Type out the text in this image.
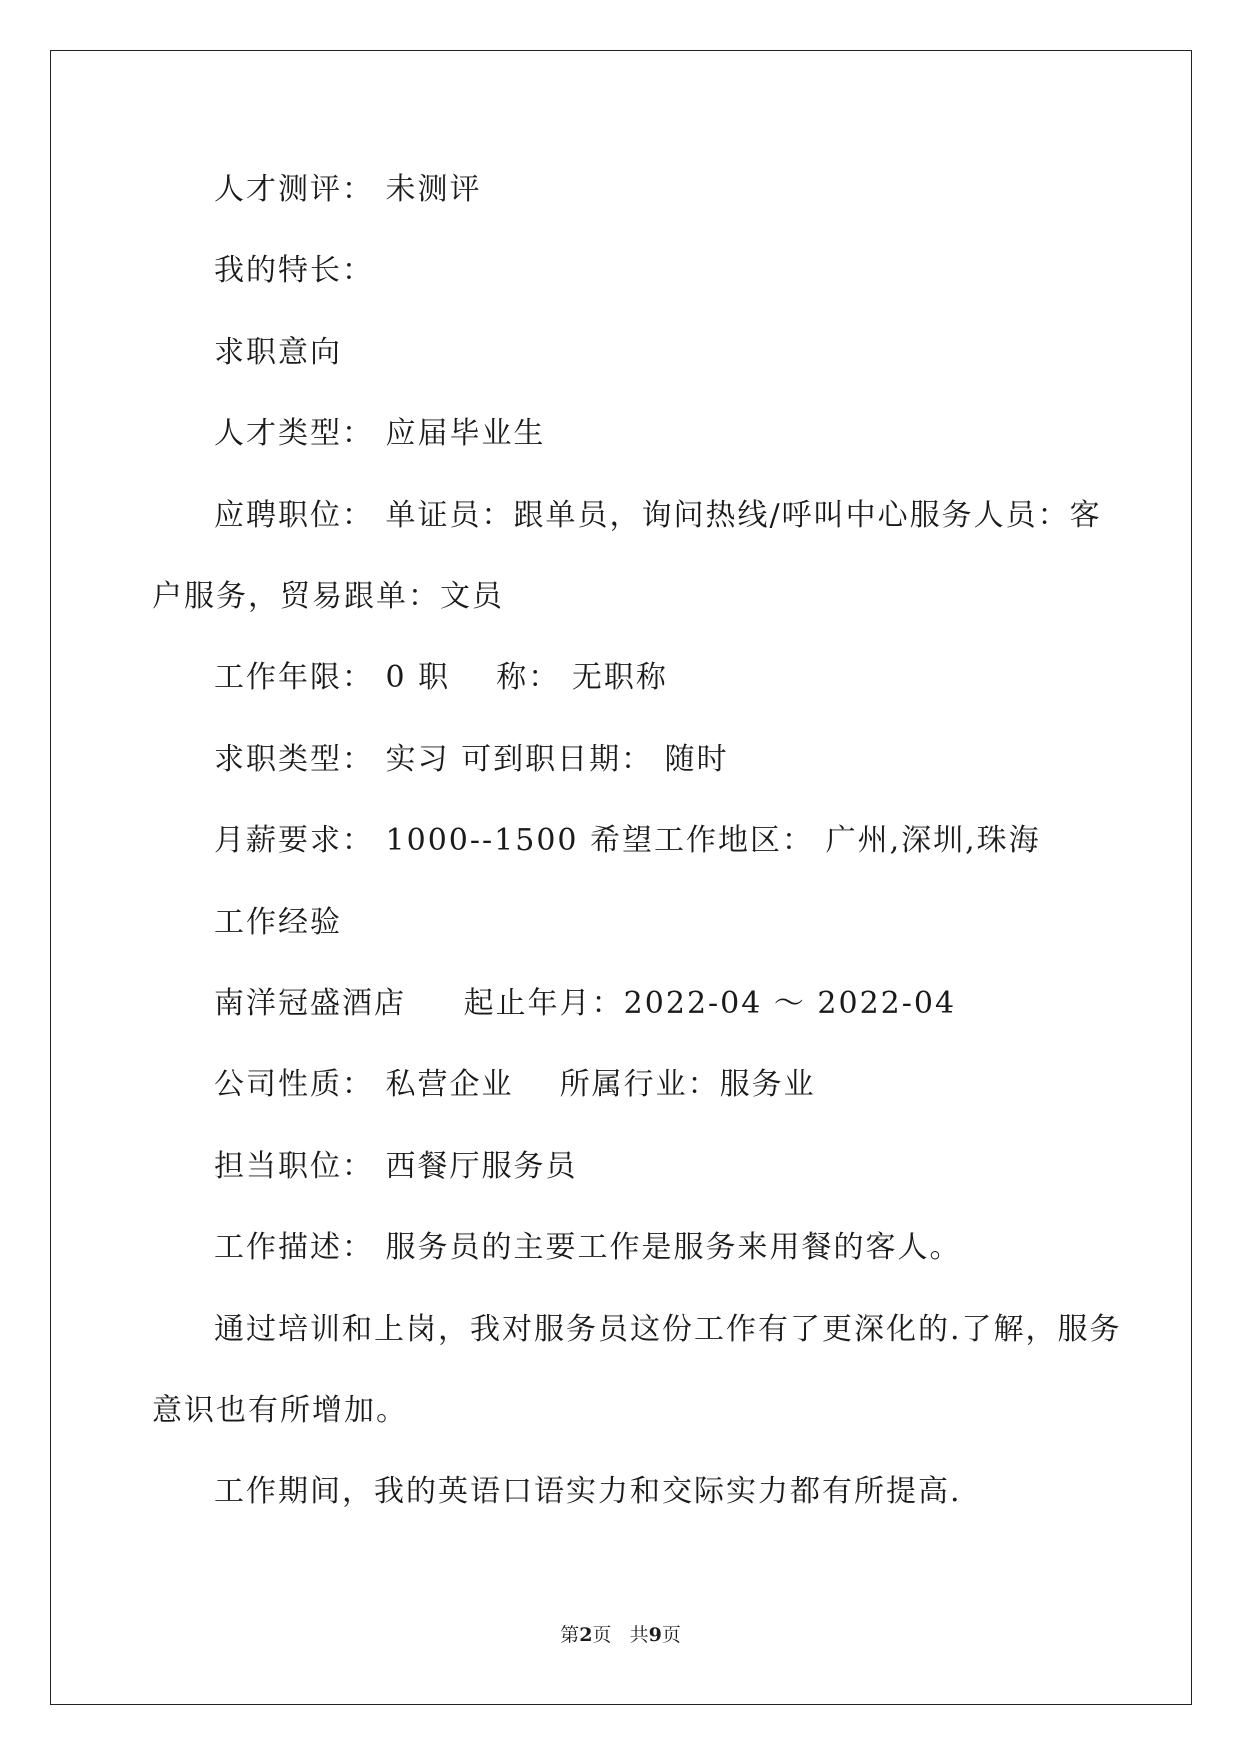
人才测评： 未测评
我的特长：
求职意向
人才类型： 应届毕业生
应聘职位： 单证员：跟单员，询问热线/呼叫中心服务人员：客
户服务，贸易跟单：文员
工作年限： 0 职    称： 无职称
求职类型： 实习 可到职日期： 随时
月薪要求： 1000--1500 希望工作地区： 广州,深圳,珠海
工作经验
南洋冠盛酒店     起止年月：2022-04 ～ 2022-04
公司性质： 私营企业    所属行业：服务业
担当职位： 西餐厅服务员
工作描述： 服务员的主要工作是服务来用餐的客人。
通过培训和上岗，我对服务员这份工作有了更深化的.了解，服务
意识也有所增加。
工作期间，我的英语口语实力和交际实力都有所提高.
第2页 共9页
